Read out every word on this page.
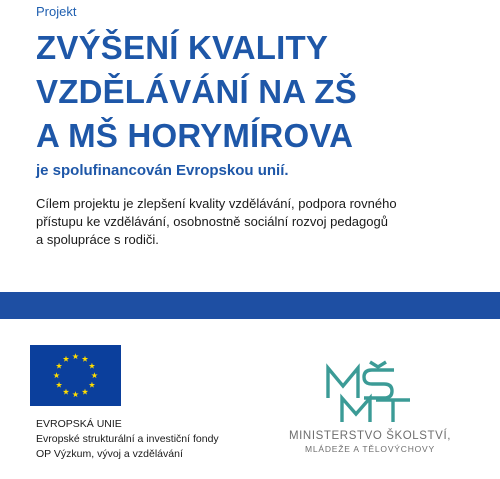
Projekt
ZVÝŠENÍ KVALITY
VZDĚLÁVÁNÍ NA ZŠ
A MŠ HORYMÍROVA
je spolufinancován Evropskou unií.
Cílem projektu je zlepšení kvality vzdělávání, podpora rovného
přístupu ke vzdělávání, osobnostně sociální rozvoj pedagogů
a spolupráce s rodiči.
EVROPSKÁ UNIE
Evropské strukturální a investiční fondy
OP Výzkum, vývoj a vzdělávání
MINISTERSTVO ŠKOLSTVÍ,
MLÁDEŽE A TĚLOVÝCHOVY
